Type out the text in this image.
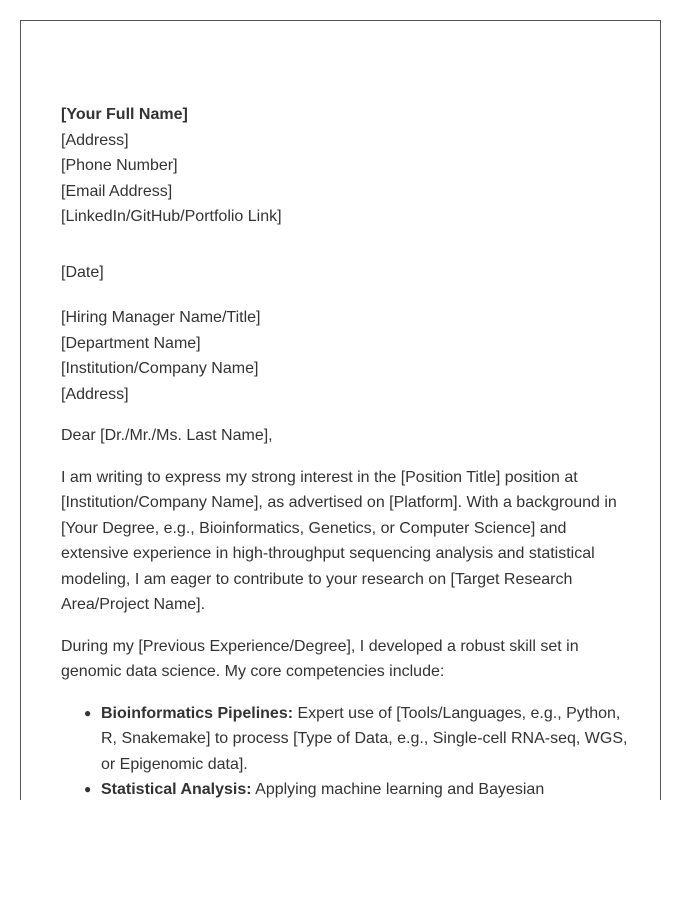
[Your Full Name]
[Address]
[Phone Number]
[Email Address]
[LinkedIn/GitHub/Portfolio Link]
[Date]
[Hiring Manager Name/Title]
[Department Name]
[Institution/Company Name]
[Address]

Dear [Dr./Mr./Ms. Last Name],

I am writing to express my strong interest in the [Position Title] position at [Institution/Company Name], as advertised on [Platform]. With a background in [Your Degree, e.g., Bioinformatics, Genetics, or Computer Science] and extensive experience in high-throughput sequencing analysis and statistical modeling, I am eager to contribute to your research on [Target Research Area/Project Name].

During my [Previous Experience/Degree], I developed a robust skill set in genomic data science. My core competencies include:

● Bioinformatics Pipelines: Expert use of [Tools/Languages, e.g., Python, R, Snakemake] to process [Type of Data, e.g., Single-cell RNA-seq, WGS, or Epigenomic data].
● Statistical Analysis: Applying machine learning and Bayesian
